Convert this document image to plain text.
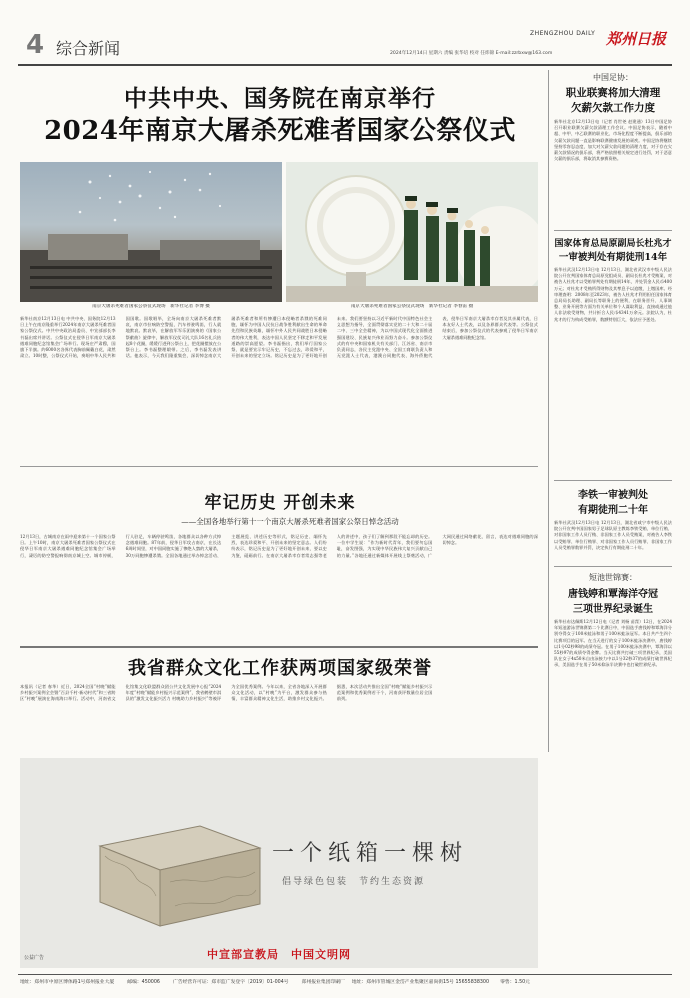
4 综合新闻
ZHENGZHOU DAILY 郑州日报
2024年12月14日 星期六 责编 张华培 校对 任炜锦 E-mail:zzrbxw@163.com
中共中央、国务院在南京举行
2024年南京大屠杀死难者国家公祭仪式
南京大屠杀死难者国家公祭仪式现场　新华社记者 李博 摄	南京大屠杀死难者国家公祭仪式现场　新华社记者 李春雷 摄
新华社南京12月13日电 中共中央、国务院12月13日上午在南京隆重举行2024年南京大屠杀死难者国家公祭仪式。中共中央政治局委员、中宣部部长李书磊出席并讲话。公祭仪式在侵华日军南京大屠杀遇难同胞纪念馆集会广场举行。现场庄严肃穆，国旗下半旗。约6000名各界代表胸前佩戴白花，肃然肃立。10时整，公祭仪式开始，奏唱中华人民共和国国歌。国歌唱毕，全场向南京大屠杀死难者默哀，南京市拉响防空警报，汽车停驶鸣笛，行人就地默哀。默哀毕，在解放军军乐团演奏的《国家公祭献曲》旋律中，解放军仪仗司礼大队16名礼兵抬起8个花圈，缓缓行进到公祭台上，把花圈摆放在公祭台上。李书磊整理缎带。之后，李书磊发表讲话。他表示，今天我们隆重集会，深切悼念南京大屠杀死难者和所有惨遭日本侵略者杀戮的死难同胞，缅怀为中国人民抗日战争胜利献出生命的革命先烈和民族英雄，缅怀中外人民共同战胜日本侵略者的伟大胜利，表达中国人民坚定不移走和平发展道路的崇高愿望。李书磊指出，我们举行国家公祭，就是要宣示牢记历史，不忘过去，珍爱和平，开创未来的坚定立场。铭记历史是为了更好地开创未来。我们要坚持以习近平新时代中国特色社会主义思想为指导，全面贯彻落实党的二十大和二十届二中、三中全会精神，为以中国式现代化全面推进强国建设、民族复兴伟业而努力奋斗。参加公祭仪式的有中央和国家机关有关部门、江苏省、南京市负责同志，各民主党派中央、全国工商联负责人和无党派人士代表，港澳台同胞代表、海外侨胞代表，侵华日军南京大屠杀幸存者及其亲属代表，日本友好人士代表，以及各界群众代表等。公祭仪式结束后，参加公祭仪式的代表参观了侵华日军南京大屠杀遇难同胞纪念馆。
牢记历史 开创未来
——全国各地举行第十一个南京大屠杀死难者国家公祭日悼念活动
12月13日，古城南京在雨中迎来第十一个国家公祭日。上午10时，南京大屠杀死难者国家公祭仪式在侵华日军南京大屠杀遇难同胞纪念馆集会广场举行，凄厉的防空警报响彻南京城上空。城市停顿，行人驻足，车辆停驶鸣笛，各地群众以各种方式悼念遇难同胞。87年前，侵华日军攻占南京，在长达6周时间里，对中国同胞实施了惨绝人寰的大屠杀，30万同胞惨遭杀戮。全国各地通过举办悼念活动、主题展览、讲述历史等形式，铭记历史、缅怀先烈，表达珍爱和平、开创未来的坚定意志。人们纷纷表示，铭记历史是为了更好地开创未来，要以史为鉴，砥砺前行。在南京大屠杀幸存者常志强等老人的讲述中，孩子们了解到那段不能忘却的历史。一位中学生说：“作为新时代青年，我们要勿忘国耻，奋发图强，为实现中华民族伟大复兴贡献自己的力量。”各地还通过新媒体开展线上祭奠活动，广大网民通过网络献花、留言，表达对遇难同胞的深切悼念。
我省群众文化工作获两项国家级荣誉
本报讯（记者 春华）近日，2024全国“村晚”赋能乡村振兴案例全会暨“百县千村·新动村代”和三省跨区“村晚”展演在海南海口举行。活动中，河南省文化馆集文化联盟群众团公共文化发展中心报“2024年度“村晚”赋能乡村振兴示范案例”，我省鹤壁市淇县的“激发文化振兴活力 村晚助力乡村振兴”等被评为全国优秀案例。今年以来，全省各地深入开展群众文化活动，以“村晚”为平台，激发群众参与热情，丰富群众精神文化生活，助推乡村文化振兴。据悉，本次活动共推出全国“村晚”赋能乡村振兴示范案例和优秀案例若干个，河南获评数量位居全国前列。
中国足协：
职业联赛将加大清理
欠薪欠款工作力度
新华社北京12月13日电（记者 肖世尧 赵建通）13日中国足协召开职业联赛欠薪欠款清理工作会议。中国足协表示，随着中超、中甲、中乙联赛的职业化、市场化程度不断提高，俱乐部的欠薪欠款问题一直是影响联赛健康发展的顽疾。中国足协将继续坚持零容忍态度，加大对欠薪欠款问题的清理力度，对于存在欠薪欠款情况的俱乐部，将严格依照相关规定进行处罚，对于恶意欠薪的俱乐部，将取消其参赛资格。
国家体育总局原副局长杜兆才
一审被判处有期徒刑14年
新华社武汉12月13日电 12月13日，湖北省武汉市中级人民法院公开宣判国家体育总局原党组成员、副局长杜兆才受贿案，对被告人杜兆才以受贿罪判处有期徒刑14年，并处罚金人民币400万元；对杜兆才受贿所得财物及其孳息予以追缴，上缴国库。经审理查明：2008年至2023年，被告人杜兆才利用担任国家体育总局局长助理、副局长等职务上的便利，在职务晋升、人事调整、业务开展等方面为有关单位和个人谋取利益，直接或通过他人非法收受财物，共计折合人民币4341万余元。法院认为，杜兆才的行为构成受贿罪，数额特别巨大，依法应予惩处。
李铁一审被判处
有期徒刑二十年
新华社武汉12月13日电 12月13日，湖北省咸宁市中级人民法院公开宣判中国国家男子足球队原主教练李铁受贿、单位行贿、对非国家工作人员行贿、非国家工作人员受贿案，对被告人李铁以受贿罪、单位行贿罪、对非国家工作人员行贿罪、非国家工作人员受贿罪数罪并罚，决定执行有期徒刑二十年。
短池世锦赛：
唐钱婷和覃海洋夺冠
三项世界纪录诞生
新华社布达佩斯12月12日电（记者 刘杨 苗霂）12日，在2024年短池游泳世锦赛第二个比赛日中，中国选手唐钱婷和覃海洋分别夺得女子100米蛙泳和男子100米蛙泳冠军。本日共产生四个比赛项目的冠军。在当天进行的女子100米蛙泳决赛中，唐钱婷以1分02秒98的成绩夺冠。在男子100米蛙泳决赛中，覃海洋以55秒97的成绩夺得金牌。当天比赛共打破三项世界纪录，美国队在女子4x50米自由泳接力中以1分32秒37的成绩打破世界纪录，美国选手在男子50米仰泳半决赛中也打破世界纪录。
一个纸箱一棵树
倡导绿色包装　节约生态资源
中宣部宣教局　中国文明网
公益广告
地址：郑州市中原区博体路1号郑州报业大厦	邮编：450006	广告经营许可证：郑市监广发登字〔2019〕01-004号	郑州报业集团印刷厂 地址：郑州市管城区金岱产业集聚区嘉尚街15号 15655838300 零售：1.50元
